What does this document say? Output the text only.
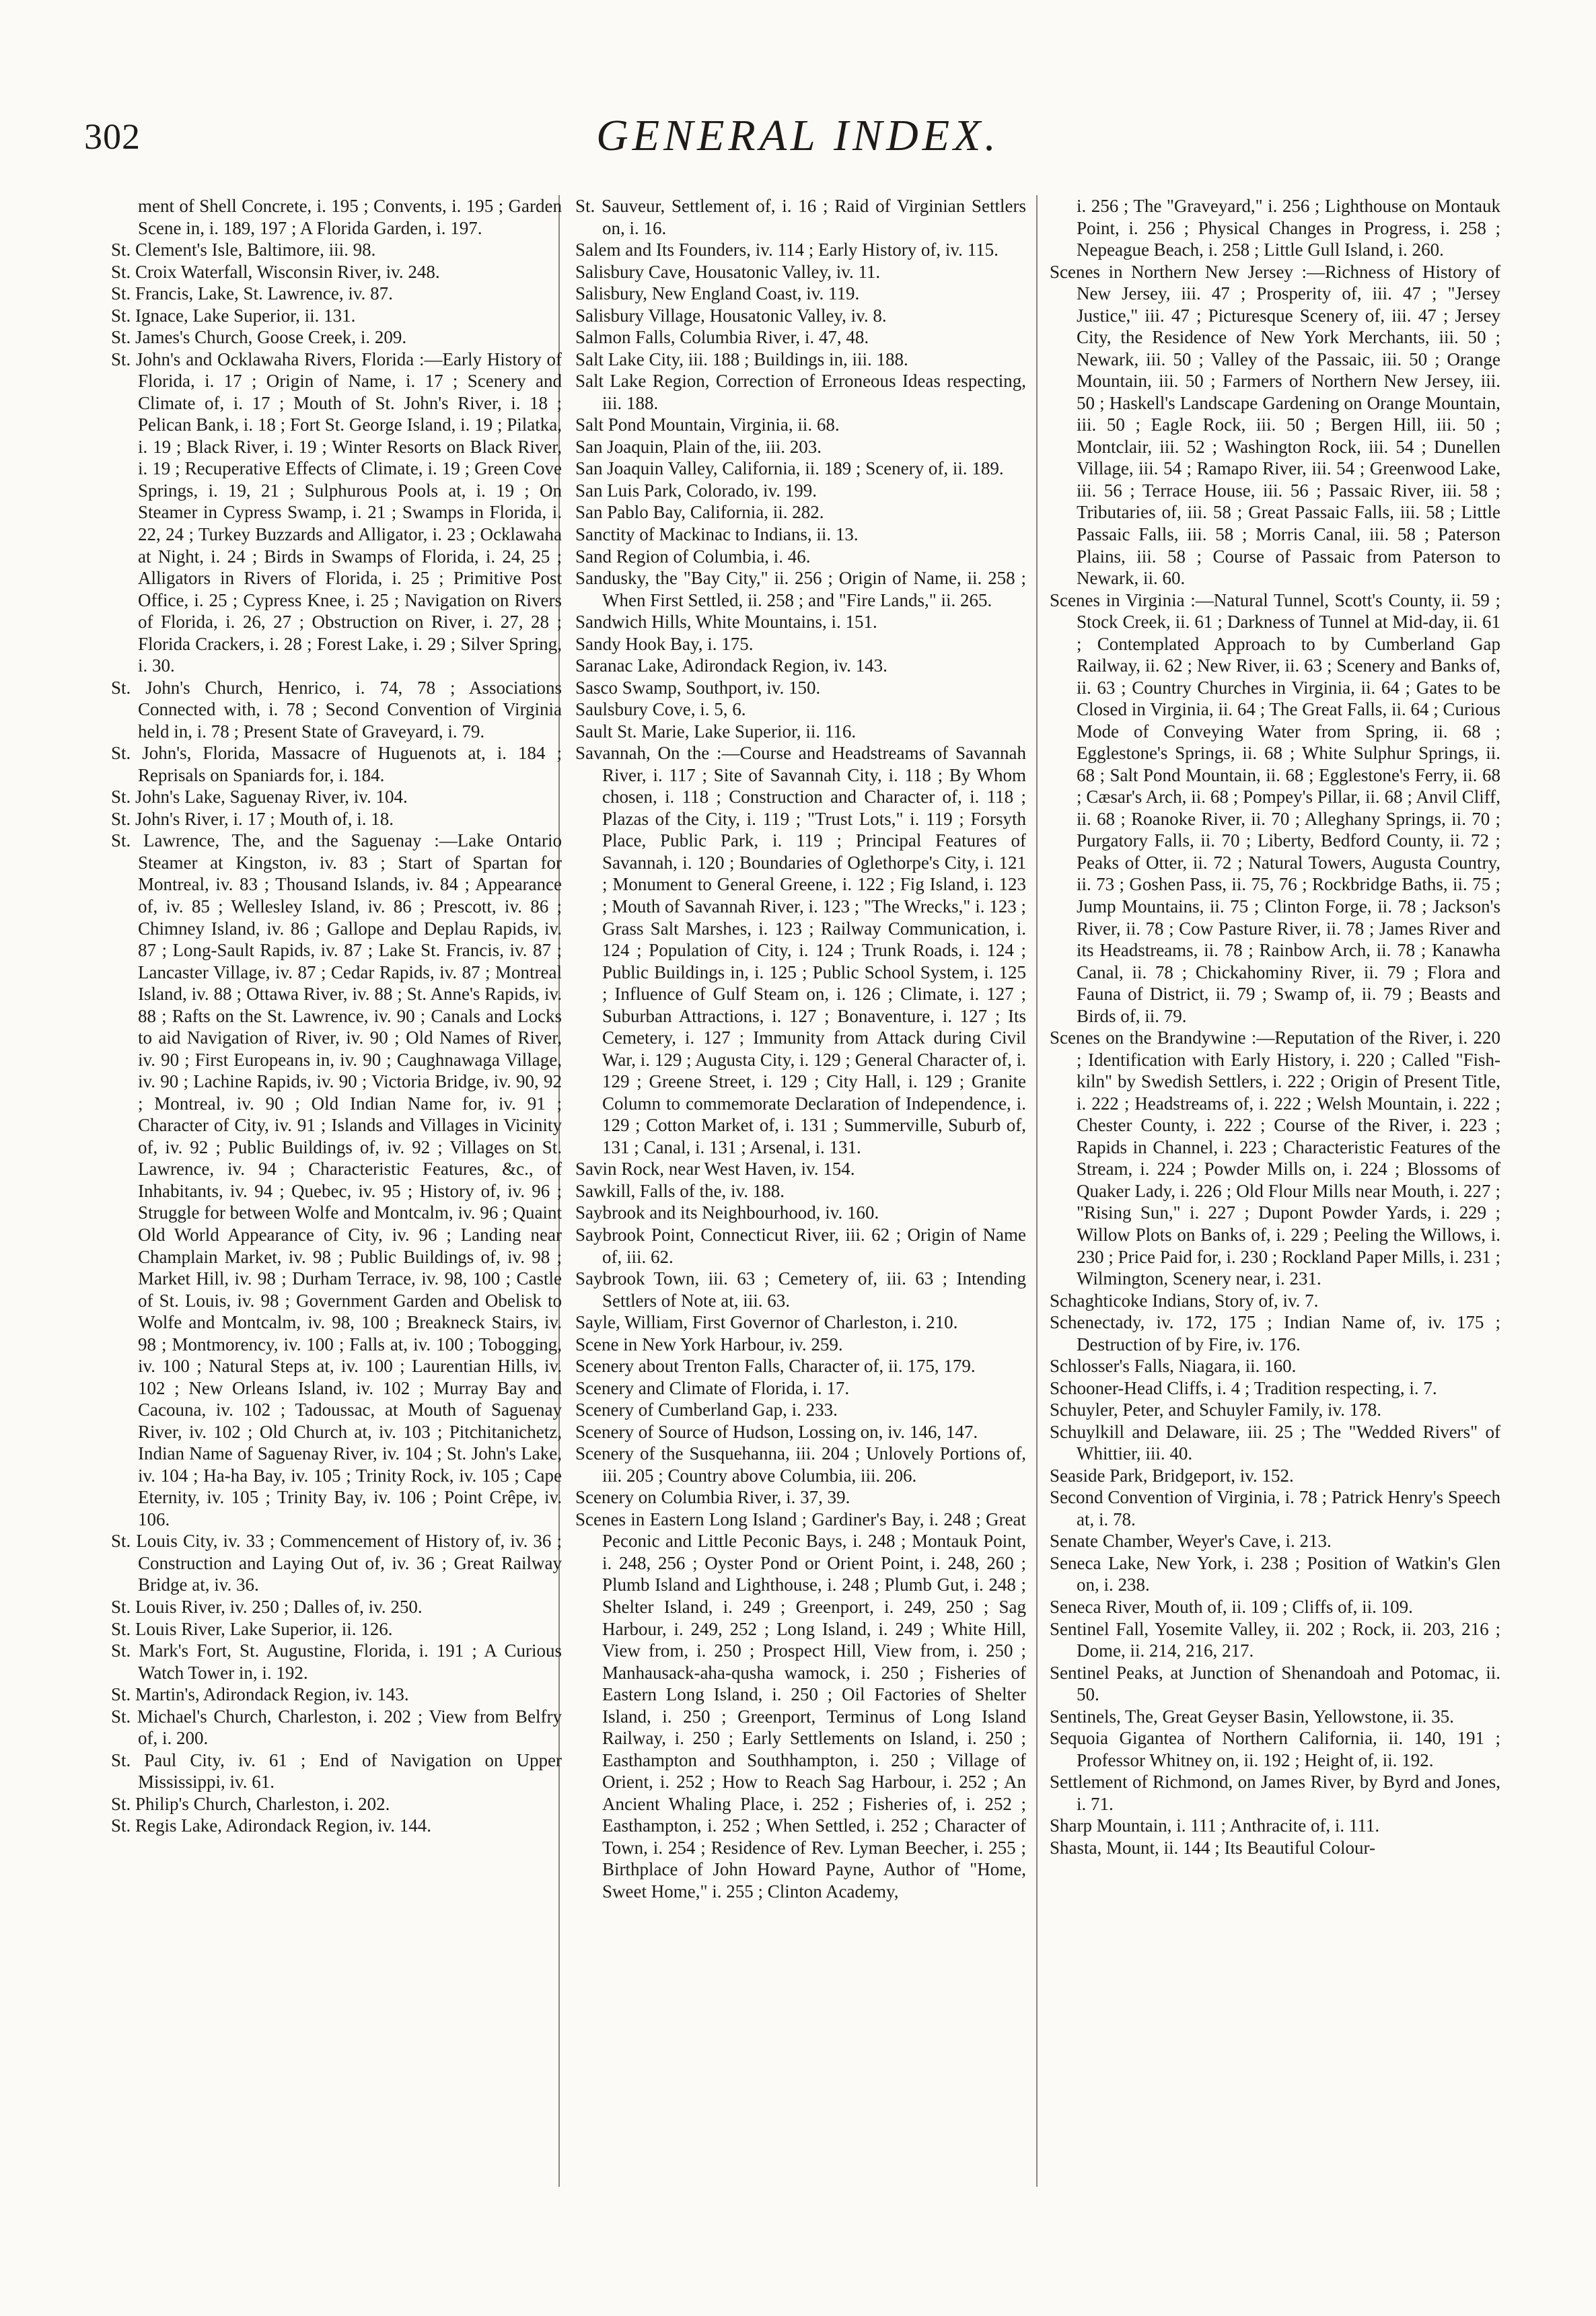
302	GENERAL INDEX.

ment of Shell Concrete, i. 195 ; Convents, i. 195 ; Garden Scene in, i. 189, 197 ; A Florida Garden, i. 197.

St. Clement's Isle, Baltimore, iii. 98.

St. Croix Waterfall, Wisconsin River, iv. 248.

St. Francis, Lake, St. Lawrence, iv. 87.

St. Ignace, Lake Superior, ii. 131.

St. James's Church, Goose Creek, i. 209.

St. John's and Ocklawaha Rivers, Florida :—Early History of Florida, i. 17 ; Origin of Name, i. 17 ; Scenery and Climate of, i. 17 ; Mouth of St. John's River, i. 18 ; Pelican Bank, i. 18 ; Fort St. George Island, i. 19 ; Pilatka, i. 19 ; Black River, i. 19 ; Winter Resorts on Black River, i. 19 ; Recuperative Effects of Climate, i. 19 ; Green Cove Springs, i. 19, 21 ; Sulphurous Pools at, i. 19 ; On Steamer in Cypress Swamp, i. 21 ; Swamps in Florida, i. 22, 24 ; Turkey Buzzards and Alligator, i. 23 ; Ocklawaha at Night, i. 24 ; Birds in Swamps of Florida, i. 24, 25 ; Alligators in Rivers of Florida, i. 25 ; Primitive Post Office, i. 25 ; Cypress Knee, i. 25 ; Navigation on Rivers of Florida, i. 26, 27 ; Obstruction on River, i. 27, 28 ; Florida Crackers, i. 28 ; Forest Lake, i. 29 ; Silver Spring, i. 30.

St. John's Church, Henrico, i. 74, 78 ; Associations Connected with, i. 78 ; Second Convention of Virginia held in, i. 78 ; Present State of Graveyard, i. 79.

St. John's, Florida, Massacre of Huguenots at, i. 184 ; Reprisals on Spaniards for, i. 184.

St. John's Lake, Saguenay River, iv. 104.

St. John's River, i. 17 ; Mouth of, i. 18.

St. Lawrence, The, and the Saguenay :—Lake Ontario Steamer at Kingston, iv. 83 ; Start of Spartan for Montreal, iv. 83 ; Thousand Islands, iv. 84 ; Appearance of, iv. 85 ; Wellesley Island, iv. 86 ; Prescott, iv. 86 ; Chimney Island, iv. 86 ; Gallope and Deplau Rapids, iv. 87 ; Long-Sault Rapids, iv. 87 ; Lake St. Francis, iv. 87 ; Lancaster Village, iv. 87 ; Cedar Rapids, iv. 87 ; Montreal Island, iv. 88 ; Ottawa River, iv. 88 ; St. Anne's Rapids, iv. 88 ; Rafts on the St. Lawrence, iv. 90 ; Canals and Locks to aid Navigation of River, iv. 90 ; Old Names of River, iv. 90 ; First Europeans in, iv. 90 ; Caughnawaga Village, iv. 90 ; Lachine Rapids, iv. 90 ; Victoria Bridge, iv. 90, 92 ; Montreal, iv. 90 ; Old Indian Name for, iv. 91 ; Character of City, iv. 91 ; Islands and Villages in Vicinity of, iv. 92 ; Public Buildings of, iv. 92 ; Villages on St. Lawrence, iv. 94 ; Characteristic Features, &c., of Inhabitants, iv. 94 ; Quebec, iv. 95 ; History of, iv. 96 ; Struggle for between Wolfe and Montcalm, iv. 96 ; Quaint Old World Appearance of City, iv. 96 ; Landing near Champlain Market, iv. 98 ; Public Buildings of, iv. 98 ; Market Hill, iv. 98 ; Durham Terrace, iv. 98, 100 ; Castle of St. Louis, iv. 98 ; Government Garden and Obelisk to Wolfe and Montcalm, iv. 98, 100 ; Breakneck Stairs, iv. 98 ; Montmorency, iv. 100 ; Falls at, iv. 100 ; Tobogging, iv. 100 ; Natural Steps at, iv. 100 ; Laurentian Hills, iv. 102 ; New Orleans Island, iv. 102 ; Murray Bay and Cacouna, iv. 102 ; Tadoussac, at Mouth of Saguenay River, iv. 102 ; Old Church at, iv. 103 ; Pitchitanichetz, Indian Name of Saguenay River, iv. 104 ; St. John's Lake, iv. 104 ; Ha-ha Bay, iv. 105 ; Trinity Rock, iv. 105 ; Cape Eternity, iv. 105 ; Trinity Bay, iv. 106 ; Point Crêpe, iv. 106.

St. Louis City, iv. 33 ; Commencement of History of, iv. 36 ; Construction and Laying Out of, iv. 36 ; Great Railway Bridge at, iv. 36.

St. Louis River, iv. 250 ; Dalles of, iv. 250.

St. Louis River, Lake Superior, ii. 126.

St. Mark's Fort, St. Augustine, Florida, i. 191 ; A Curious Watch Tower in, i. 192.

St. Martin's, Adirondack Region, iv. 143.

St. Michael's Church, Charleston, i. 202 ; View from Belfry of, i. 200.

St. Paul City, iv. 61 ; End of Navigation on Upper Mississippi, iv. 61.

St. Philip's Church, Charleston, i. 202.

St. Regis Lake, Adirondack Region, iv. 144.

St. Sauveur, Settlement of, i. 16 ; Raid of Virginian Settlers on, i. 16.

Salem and Its Founders, iv. 114 ; Early History of, iv. 115.

Salisbury Cave, Housatonic Valley, iv. 11.

Salisbury, New England Coast, iv. 119.

Salisbury Village, Housatonic Valley, iv. 8.

Salmon Falls, Columbia River, i. 47, 48.

Salt Lake City, iii. 188 ; Buildings in, iii. 188.

Salt Lake Region, Correction of Erroneous Ideas respecting, iii. 188.

Salt Pond Mountain, Virginia, ii. 68.

San Joaquin, Plain of the, iii. 203.

San Joaquin Valley, California, ii. 189 ; Scenery of, ii. 189.

San Luis Park, Colorado, iv. 199.

San Pablo Bay, California, ii. 282.

Sanctity of Mackinac to Indians, ii. 13.

Sand Region of Columbia, i. 46.

Sandusky, the "Bay City," ii. 256 ; Origin of Name, ii. 258 ; When First Settled, ii. 258 ; and "Fire Lands," ii. 265.

Sandwich Hills, White Mountains, i. 151.

Sandy Hook Bay, i. 175.

Saranac Lake, Adirondack Region, iv. 143.

Sasco Swamp, Southport, iv. 150.

Saulsbury Cove, i. 5, 6.

Sault St. Marie, Lake Superior, ii. 116.

Savannah, On the :—Course and Headstreams of Savannah River, i. 117 ; Site of Savannah City, i. 118 ; By Whom chosen, i. 118 ; Construction and Character of, i. 118 ; Plazas of the City, i. 119 ; "Trust Lots," i. 119 ; Forsyth Place, Public Park, i. 119 ; Principal Features of Savannah, i. 120 ; Boundaries of Oglethorpe's City, i. 121 ; Monument to General Greene, i. 122 ; Fig Island, i. 123 ; Mouth of Savannah River, i. 123 ; "The Wrecks," i. 123 ; Grass Salt Marshes, i. 123 ; Railway Communication, i. 124 ; Population of City, i. 124 ; Trunk Roads, i. 124 ; Public Buildings in, i. 125 ; Public School System, i. 125 ; Influence of Gulf Steam on, i. 126 ; Climate, i. 127 ; Suburban Attractions, i. 127 ; Bonaventure, i. 127 ; Its Cemetery, i. 127 ; Immunity from Attack during Civil War, i. 129 ; Augusta City, i. 129 ; General Character of, i. 129 ; Greene Street, i. 129 ; City Hall, i. 129 ; Granite Column to commemorate Declaration of Independence, i. 129 ; Cotton Market of, i. 131 ; Summerville, Suburb of, 131 ; Canal, i. 131 ; Arsenal, i. 131.

Savin Rock, near West Haven, iv. 154.

Sawkill, Falls of the, iv. 188.

Saybrook and its Neighbourhood, iv. 160.

Saybrook Point, Connecticut River, iii. 62 ; Origin of Name of, iii. 62.

Saybrook Town, iii. 63 ; Cemetery of, iii. 63 ; Intending Settlers of Note at, iii. 63.

Sayle, William, First Governor of Charleston, i. 210.

Scene in New York Harbour, iv. 259.

Scenery about Trenton Falls, Character of, ii. 175, 179.

Scenery and Climate of Florida, i. 17.

Scenery of Cumberland Gap, i. 233.

Scenery of Source of Hudson, Lossing on, iv. 146, 147.

Scenery of the Susquehanna, iii. 204 ; Unlovely Portions of, iii. 205 ; Country above Columbia, iii. 206.

Scenery on Columbia River, i. 37, 39.

Scenes in Eastern Long Island ; Gardiner's Bay, i. 248 ; Great Peconic and Little Peconic Bays, i. 248 ; Montauk Point, i. 248, 256 ; Oyster Pond or Orient Point, i. 248, 260 ; Plumb Island and Lighthouse, i. 248 ; Plumb Gut, i. 248 ; Shelter Island, i. 249 ; Greenport, i. 249, 250 ; Sag Harbour, i. 249, 252 ; Long Island, i. 249 ; White Hill, View from, i. 250 ; Prospect Hill, View from, i. 250 ; Manhausack-aha-qusha wamock, i. 250 ; Fisheries of Eastern Long Island, i. 250 ; Oil Factories of Shelter Island, i. 250 ; Greenport, Terminus of Long Island Railway, i. 250 ; Early Settlements on Island, i. 250 ; Easthampton and Southhampton, i. 250 ; Village of Orient, i. 252 ; How to Reach Sag Harbour, i. 252 ; An Ancient Whaling Place, i. 252 ; Fisheries of, i. 252 ; Easthampton, i. 252 ; When Settled, i. 252 ; Character of Town, i. 254 ; Residence of Rev. Lyman Beecher, i. 255 ; Birthplace of John Howard Payne, Author of "Home, Sweet Home," i. 255 ; Clinton Academy,

i. 256 ; The "Graveyard," i. 256 ; Lighthouse on Montauk Point, i. 256 ; Physical Changes in Progress, i. 258 ; Nepeague Beach, i. 258 ; Little Gull Island, i. 260.

Scenes in Northern New Jersey :—Richness of History of New Jersey, iii. 47 ; Prosperity of, iii. 47 ; "Jersey Justice," iii. 47 ; Picturesque Scenery of, iii. 47 ; Jersey City, the Residence of New York Merchants, iii. 50 ; Newark, iii. 50 ; Valley of the Passaic, iii. 50 ; Orange Mountain, iii. 50 ; Farmers of Northern New Jersey, iii. 50 ; Haskell's Landscape Gardening on Orange Mountain, iii. 50 ; Eagle Rock, iii. 50 ; Bergen Hill, iii. 50 ; Montclair, iii. 52 ; Washington Rock, iii. 54 ; Dunellen Village, iii. 54 ; Ramapo River, iii. 54 ; Greenwood Lake, iii. 56 ; Terrace House, iii. 56 ; Passaic River, iii. 58 ; Tributaries of, iii. 58 ; Great Passaic Falls, iii. 58 ; Little Passaic Falls, iii. 58 ; Morris Canal, iii. 58 ; Paterson Plains, iii. 58 ; Course of Passaic from Paterson to Newark, ii. 60.

Scenes in Virginia :—Natural Tunnel, Scott's County, ii. 59 ; Stock Creek, ii. 61 ; Darkness of Tunnel at Mid-day, ii. 61 ; Contemplated Approach to by Cumberland Gap Railway, ii. 62 ; New River, ii. 63 ; Scenery and Banks of, ii. 63 ; Country Churches in Virginia, ii. 64 ; Gates to be Closed in Virginia, ii. 64 ; The Great Falls, ii. 64 ; Curious Mode of Conveying Water from Spring, ii. 68 ; Egglestone's Springs, ii. 68 ; White Sulphur Springs, ii. 68 ; Salt Pond Mountain, ii. 68 ; Egglestone's Ferry, ii. 68 ; Cæsar's Arch, ii. 68 ; Pompey's Pillar, ii. 68 ; Anvil Cliff, ii. 68 ; Roanoke River, ii. 70 ; Alleghany Springs, ii. 70 ; Purgatory Falls, ii. 70 ; Liberty, Bedford County, ii. 72 ; Peaks of Otter, ii. 72 ; Natural Towers, Augusta Country, ii. 73 ; Goshen Pass, ii. 75, 76 ; Rockbridge Baths, ii. 75 ; Jump Mountains, ii. 75 ; Clinton Forge, ii. 78 ; Jackson's River, ii. 78 ; Cow Pasture River, ii. 78 ; James River and its Headstreams, ii. 78 ; Rainbow Arch, ii. 78 ; Kanawha Canal, ii. 78 ; Chickahominy River, ii. 79 ; Flora and Fauna of District, ii. 79 ; Swamp of, ii. 79 ; Beasts and Birds of, ii. 79.

Scenes on the Brandywine :—Reputation of the River, i. 220 ; Identification with Early History, i. 220 ; Called "Fish-kiln" by Swedish Settlers, i. 222 ; Origin of Present Title, i. 222 ; Headstreams of, i. 222 ; Welsh Mountain, i. 222 ; Chester County, i. 222 ; Course of the River, i. 223 ; Rapids in Channel, i. 223 ; Characteristic Features of the Stream, i. 224 ; Powder Mills on, i. 224 ; Blossoms of Quaker Lady, i. 226 ; Old Flour Mills near Mouth, i. 227 ; "Rising Sun," i. 227 ; Dupont Powder Yards, i. 229 ; Willow Plots on Banks of, i. 229 ; Peeling the Willows, i. 230 ; Price Paid for, i. 230 ; Rockland Paper Mills, i. 231 ; Wilmington, Scenery near, i. 231.

Schaghticoke Indians, Story of, iv. 7.

Schenectady, iv. 172, 175 ; Indian Name of, iv. 175 ; Destruction of by Fire, iv. 176.

Schlosser's Falls, Niagara, ii. 160.

Schooner-Head Cliffs, i. 4 ; Tradition respecting, i. 7.

Schuyler, Peter, and Schuyler Family, iv. 178.

Schuylkill and Delaware, iii. 25 ; The "Wedded Rivers" of Whittier, iii. 40.

Seaside Park, Bridgeport, iv. 152.

Second Convention of Virginia, i. 78 ; Patrick Henry's Speech at, i. 78.

Senate Chamber, Weyer's Cave, i. 213.

Seneca Lake, New York, i. 238 ; Position of Watkin's Glen on, i. 238.

Seneca River, Mouth of, ii. 109 ; Cliffs of, ii. 109.

Sentinel Fall, Yosemite Valley, ii. 202 ; Rock, ii. 203, 216 ; Dome, ii. 214, 216, 217.

Sentinel Peaks, at Junction of Shenandoah and Potomac, ii. 50.

Sentinels, The, Great Geyser Basin, Yellowstone, ii. 35.

Sequoia Gigantea of Northern California, ii. 140, 191 ; Professor Whitney on, ii. 192 ; Height of, ii. 192.

Settlement of Richmond, on James River, by Byrd and Jones, i. 71.

Sharp Mountain, i. 111 ; Anthracite of, i. 111.

Shasta, Mount, ii. 144 ; Its Beautiful Colour-
